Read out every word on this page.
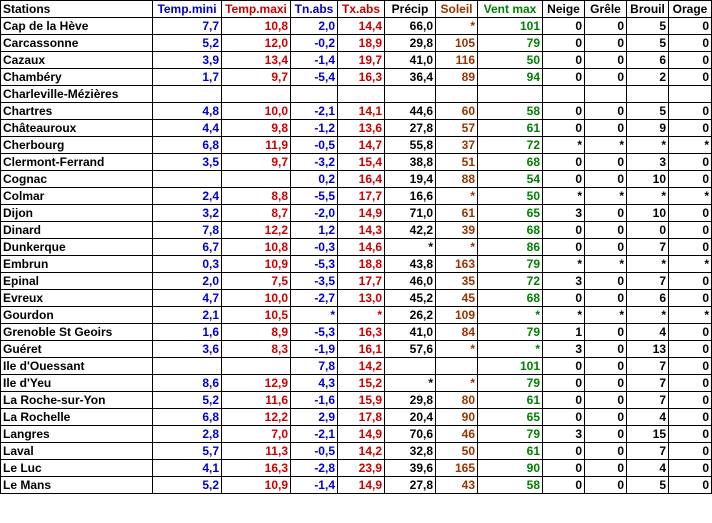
Stations	Temp.mini	Temp.maxi	Tn.abs	Tx.abs	Précip	Soleil	Vent max	Neige	Grêle	Brouil	Orage
Cap de la Hève	7,7	10,8	2,0	14,4	66,0	*	101	0	0	5	0
Carcassonne	5,2	12,0	-0,2	18,9	29,8	105	79	0	0	5	0
Cazaux	3,9	13,4	-1,4	19,7	41,0	116	50	0	0	6	0
Chambéry	1,7	9,7	-5,4	16,3	36,4	89	94	0	0	2	0
Charleville-Mézières											
Chartres	4,8	10,0	-2,1	14,1	44,6	60	58	0	0	5	0
Châteauroux	4,4	9,8	-1,2	13,6	27,8	57	61	0	0	9	0
Cherbourg	6,8	11,9	-0,5	14,7	55,8	37	72	*	*	*	*
Clermont-Ferrand	3,5	9,7	-3,2	15,4	38,8	51	68	0	0	3	0
Cognac			0,2	16,4	19,4	88	54	0	0	10	0
Colmar	2,4	8,8	-5,5	17,7	16,6	*	50	*	*	*	*
Dijon	3,2	8,7	-2,0	14,9	71,0	61	65	3	0	10	0
Dinard	7,8	12,2	1,2	14,3	42,2	39	68	0	0	0	0
Dunkerque	6,7	10,8	-0,3	14,6	*	*	86	0	0	7	0
Embrun	0,3	10,9	-5,3	18,8	43,8	163	79	*	*	*	*
Epinal	2,0	7,5	-3,5	17,7	46,0	35	72	3	0	7	0
Evreux	4,7	10,0	-2,7	13,0	45,2	45	68	0	0	6	0
Gourdon	2,1	10,5	*	*	26,2	109	*	*	*	*	*
Grenoble St Geoirs	1,6	8,9	-5,3	16,3	41,0	84	79	1	0	4	0
Guéret	3,6	8,3	-1,9	16,1	57,6	*	*	3	0	13	0
Ile d'Ouessant			7,8	14,2			101	0	0	7	0
Ile d'Yeu	8,6	12,9	4,3	15,2	*	*	79	0	0	7	0
La Roche-sur-Yon	5,2	11,6	-1,6	15,9	29,8	80	61	0	0	7	0
La Rochelle	6,8	12,2	2,9	17,8	20,4	90	65	0	0	4	0
Langres	2,8	7,0	-2,1	14,9	70,6	46	79	3	0	15	0
Laval	5,7	11,3	-0,5	14,2	32,8	50	61	0	0	7	0
Le Luc	4,1	16,3	-2,8	23,9	39,6	165	90	0	0	4	0
Le Mans	5,2	10,9	-1,4	14,9	27,8	43	58	0	0	5	0
